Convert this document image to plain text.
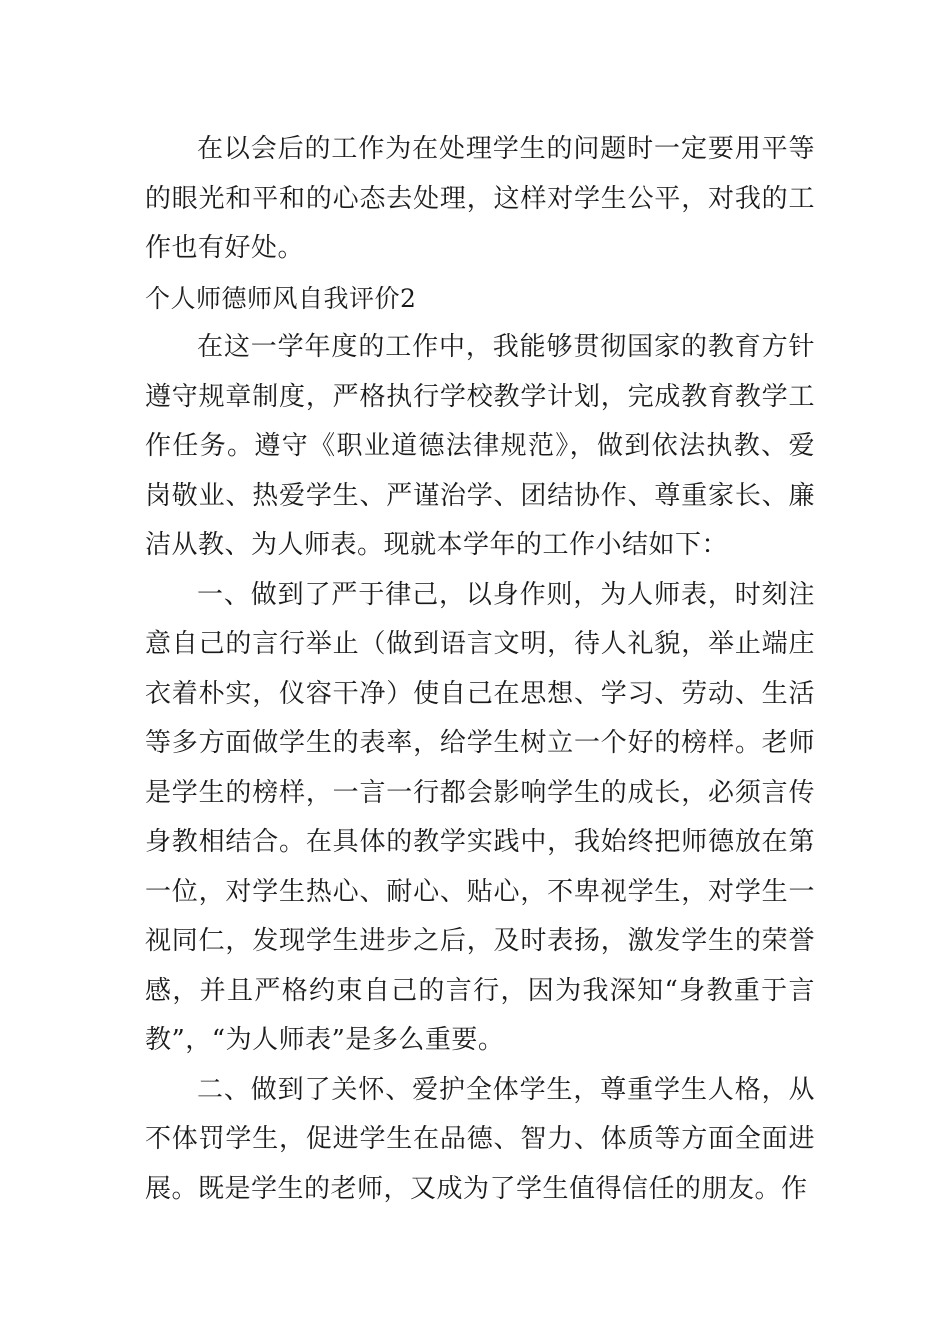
在以会后的工作为在处理学生的问题时一定要用平等的眼光和平和的心态去处理，这样对学生公平，对我的工作也有好处。

个人师德师风自我评价2

在这一学年度的工作中，我能够贯彻国家的教育方针遵守规章制度，严格执行学校教学计划，完成教育教学工作任务。遵守《职业道德法律规范》，做到依法执教、爱岗敬业、热爱学生、严谨治学、团结协作、尊重家长、廉洁从教、为人师表。现就本学年的工作小结如下：

一、做到了严于律己，以身作则，为人师表，时刻注意自己的言行举止（做到语言文明，待人礼貌，举止端庄衣着朴实，仪容干净）使自己在思想、学习、劳动、生活等多方面做学生的表率，给学生树立一个好的榜样。老师是学生的榜样，一言一行都会影响学生的成长，必须言传身教相结合。在具体的教学实践中，我始终把师德放在第一位，对学生热心、耐心、贴心，不卑视学生，对学生一视同仁，发现学生进步之后，及时表扬，激发学生的荣誉感，并且严格约束自己的言行，因为我深知“身教重于言教”，“为人师表”是多么重要。

二、做到了关怀、爱护全体学生，尊重学生人格，从不体罚学生，促进学生在品德、智力、体质等方面全面进展。既是学生的老师，又成为了学生值得信任的朋友。作
